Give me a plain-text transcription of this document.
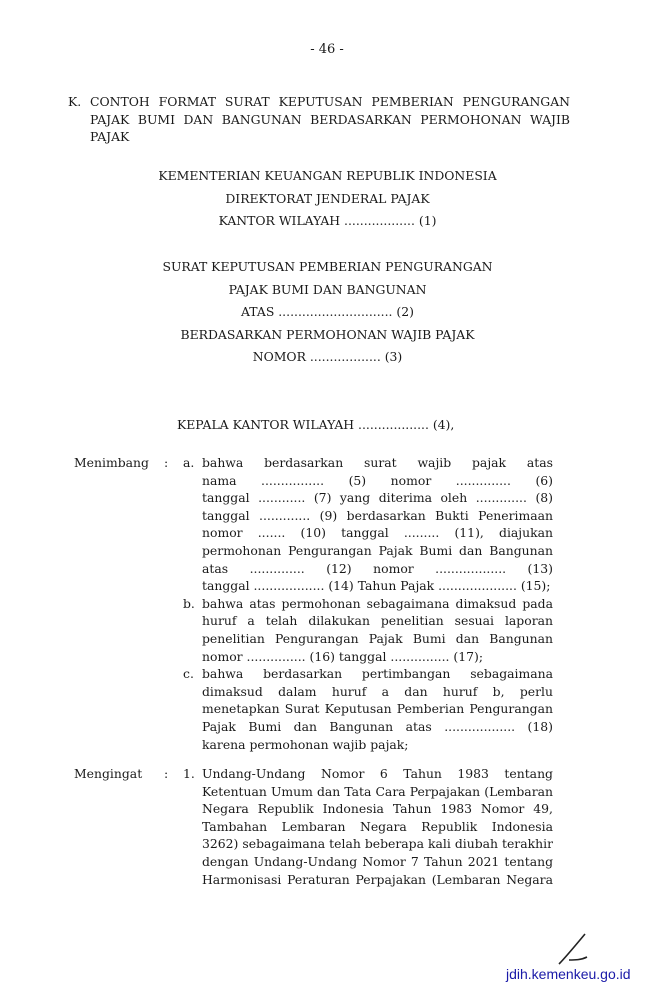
- 46 -
K. CONTOH FORMAT SURAT KEPUTUSAN PEMBERIAN PENGURANGAN
PAJAK BUMI DAN BANGUNAN BERDASARKAN PERMOHONAN WAJIB
PAJAK
KEMENTERIAN KEUANGAN REPUBLIK INDONESIA
DIREKTORAT JENDERAL PAJAK
KANTOR WILAYAH .................. (1)
SURAT KEPUTUSAN PEMBERIAN PENGURANGAN
PAJAK BUMI DAN BANGUNAN
ATAS ............................. (2)
BERDASARKAN PERMOHONAN WAJIB PAJAK
NOMOR .................. (3)
KEPALA KANTOR WILAYAH .................. (4),
Menimbang : a. bahwa berdasarkan surat wajib pajak atas
nama ................ (5) nomor .............. (6)
tanggal ............ (7) yang diterima oleh ............. (8)
tanggal ............. (9) berdasarkan Bukti Penerimaan
nomor ....... (10) tanggal ......... (11), diajukan
permohonan Pengurangan Pajak Bumi dan Bangunan
atas .............. (12) nomor .................. (13)
tanggal .................. (14) Tahun Pajak .................... (15);
b. bahwa atas permohonan sebagaimana dimaksud pada
huruf a telah dilakukan penelitian sesuai laporan
penelitian Pengurangan Pajak Bumi dan Bangunan
nomor ............... (16) tanggal ............... (17);
c. bahwa berdasarkan pertimbangan sebagaimana
dimaksud dalam huruf a dan huruf b, perlu
menetapkan Surat Keputusan Pemberian Pengurangan
Pajak Bumi dan Bangunan atas .................. (18)
karena permohonan wajib pajak;
Mengingat : 1. Undang-Undang Nomor 6 Tahun 1983 tentang
Ketentuan Umum dan Tata Cara Perpajakan (Lembaran
Negara Republik Indonesia Tahun 1983 Nomor 49,
Tambahan Lembaran Negara Republik Indonesia
3262) sebagaimana telah beberapa kali diubah terakhir
dengan Undang-Undang Nomor 7 Tahun 2021 tentang
Harmonisasi Peraturan Perpajakan (Lembaran Negara
jdih.kemenkeu.go.id
